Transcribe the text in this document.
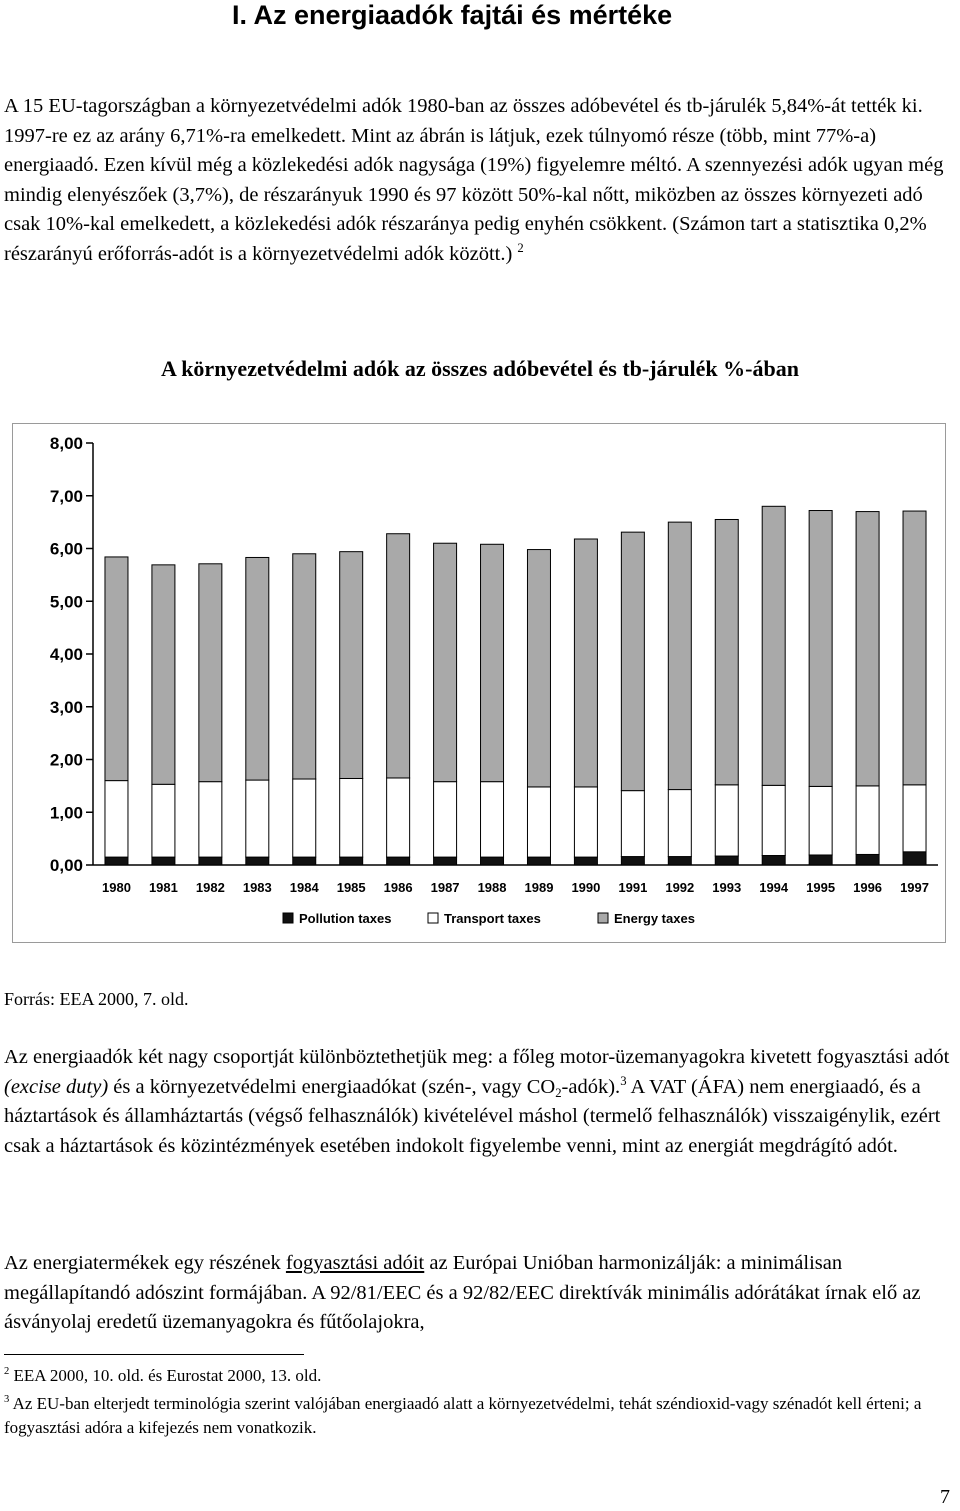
I. Az energiaadók fajtái és mértéke

A 15 EU-tagországban a környezetvédelmi adók 1980-ban az összes adóbevétel és tb-járulék 5,84%-át tették ki. 1997-re ez az arány 6,71%-ra emelkedett. Mint az ábrán is látjuk, ezek túlnyomó része (több, mint 77%-a) energiaadó. Ezen kívül még a közlekedési adók nagysága (19%) figyelemre méltó. A szennyezési adók ugyan még mindig elenyészőek (3,7%), de részarányuk 1990 és 97 között 50%-kal nőtt, miközben az összes környezeti adó csak 10%-kal emelkedett, a közlekedési adók részaránya pedig enyhén csökkent. (Számon tart a statisztika 0,2% részarányú erőforrás-adót is a környezetvédelmi adók között.) $^2$

A környezetvédelmi adók az összes adóbevétel és tb-járulék %-ában
0,00
1,00
2,00
3,00
4,00
5,00
6,00
7,00
8,00
1980 1981 1982 1983 1984 1985 1986 1987 1988 1989 1990 1991 1992 1993 1994 1995 1996 1997
Pollution taxes	Transport taxes	Energy taxes

Forrás: EEA 2000, 7. old.

Az energiaadók két nagy csoportját különböztethetjük meg: a főleg motor-üzemanyagokra kivetett fogyasztási adót (excise duty) és a környezetvédelmi energiaadókat (szén-, vagy $CO_2-adók).^3$ A VAT (ÁFA) nem energiaadó, és a háztartások és államháztartás (végső felhasználók) kivételével máshol (termelő felhasználók) visszaigénylik, ezért csak a háztartások és közintézmények esetében indokolt figyelembe venni, mint az energiát megdrágító adót.

Az energiatermékek egy részének fogyasztási adóit az Európai Unióban harmonizálják: a minimálisan megállapítandó adószint formájában. A 92/81/EEC és a 92/82/EEC direktívák minimális adórátákat írnak elő az ásványolaj eredetű üzemanyagokra és fűtőolajokra,

$^2$ EEA 2000, 10. old. és Eurostat 2000, 13. old.

$^3$ Az EU-ban elterjedt terminológia szerint valójában energiaadó alatt a környezetvédelmi, tehát széndioxid-vagy szénadót kell érteni; a fogyasztási adóra a kifejezés nem vonatkozik.

7
